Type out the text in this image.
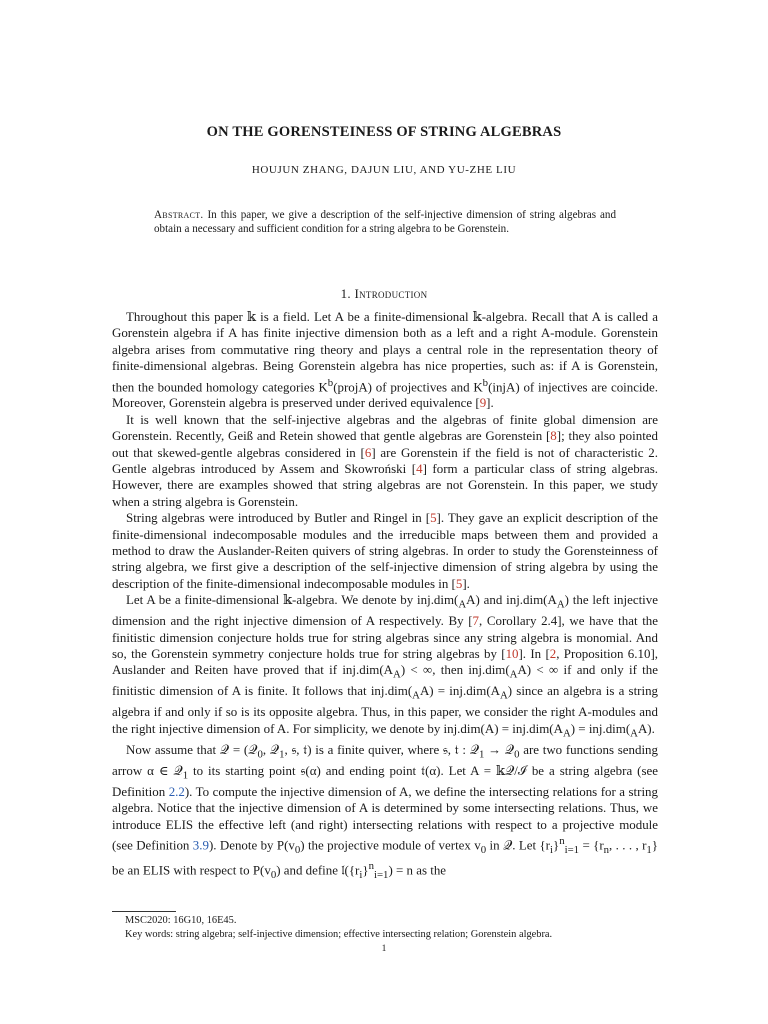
ON THE GORENSTEINESS OF STRING ALGEBRAS
HOUJUN ZHANG, DAJUN LIU, AND YU-ZHE LIU
Abstract. In this paper, we give a description of the self-injective dimension of string algebras and obtain a necessary and sufficient condition for a string algebra to be Gorenstein.
1. Introduction

Throughout this paper 𝕜 is a field. Let A be a finite-dimensional 𝕜-algebra. Recall that A is called a Gorenstein algebra if A has finite injective dimension both as a left and a right A-module. Gorenstein algebra arises from commutative ring theory and plays a central role in the representation theory of finite-dimensional algebras. Being Gorenstein algebra has nice properties, such as: if A is Gorenstein, then the bounded homology categories $K^b(projA)$ of projectives and $K^b(injA)$ of injectives are coincide. Moreover, Gorenstein algebra is preserved under derived equivalence [9].

It is well known that the self-injective algebras and the algebras of finite global dimension are Gorenstein. Recently, Geiß and Retein showed that gentle algebras are Gorenstein [8]; they also pointed out that skewed-gentle algebras considered in [6] are Gorenstein if the field is not of characteristic 2. Gentle algebras introduced by Assem and Skowroński [4] form a particular class of string algebras. However, there are examples showed that string algebras are not Gorenstein. In this paper, we study when a string algebra is Gorenstein.

String algebras were introduced by Butler and Ringel in [5]. They gave an explicit description of the finite-dimensional indecomposable modules and the irreducible maps between them and provided a method to draw the Auslander-Reiten quivers of string algebras. In order to study the Gorensteinness of string algebra, we first give a description of the self-injective dimension of string algebra by using the description of the finite-dimensional indecomposable modules in [5].

Let A be a finite-dimensional 𝕜-algebra. We denote by $inj.dim(_AA)$ and $inj.dim(A_A)$ the left injective dimension and the right injective dimension of A respectively. By [7, Corollary 2.4], we have that the finitistic dimension conjecture holds true for string algebras since any string algebra is monomial. And so, the Gorenstein symmetry conjecture holds true for string algebras by [10]. In [2, Proposition 6.10], Auslander and Reiten have proved that if $inj.dim(A_A)$ < ∞, then $inj.dim(_AA)$ < ∞ if and only if the finitistic dimension of A is finite. It follows that $inj.dim(_AA) = inj.dim(A_A)$ since an algebra is a string algebra if and only if so is its opposite algebra. Thus, in this paper, we consider the right A-modules and the right injective dimension of A. For simplicity, we denote by $inj.dim(A) = inj.dim(A_A) = inj.dim(_AA)$.

Now assume that 𝒬 = (𝒬$_0$, 𝒬$_1$, 𝔰, 𝔱) is a finite quiver, where 𝔰, 𝔱 : 𝒬$_1$ → 𝒬$_0$ are two functions sending arrow α ∈ 𝒬$_1$ to its starting point 𝔰(α) and ending point 𝔱(α). Let A = 𝕜𝒬/ℐ be a string algebra (see Definition 2.2). To compute the injective dimension of A, we define the intersecting relations for a string algebra. Notice that the injective dimension of A is determined by some intersecting relations. Thus, we introduce ELIS the effective left (and right) intersecting relations with respect to a projective module (see Definition 3.9). Denote by $P(v_0)$ the projective module of vertex $v_0$ in 𝒬. Let $\{r_i\}^n_{i=1} = \{r_n$, . . . , $r_1$} be an ELIS with respect to $P(v_0)$ and define $𝔩(\{r_i\}^n_{i=1}) = n$ as the

MSC2020: 16G10, 16E45.
Key words: string algebra; self-injective dimension; effective intersecting relation; Gorenstein algebra.
1
